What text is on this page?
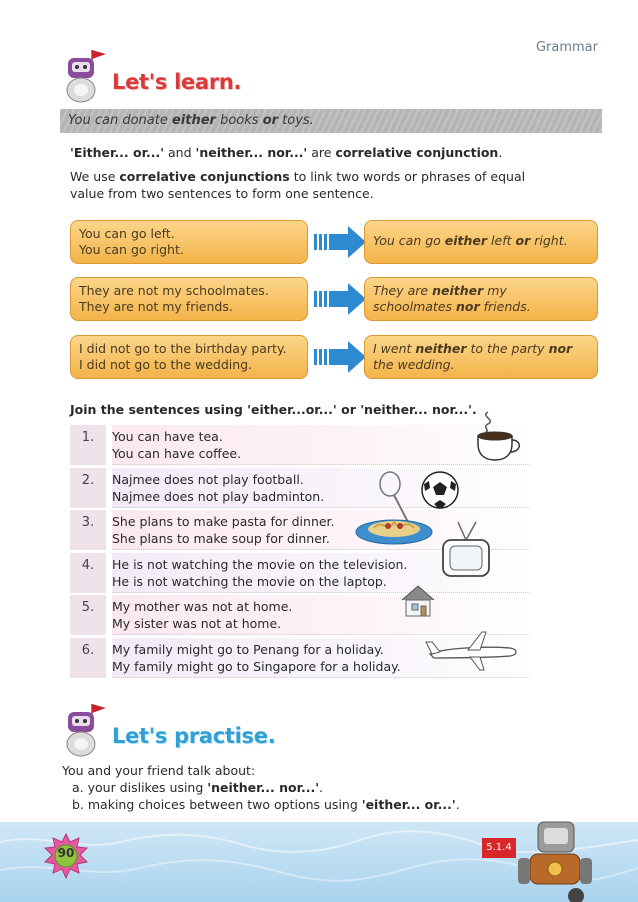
Grammar
Let's learn.
You can donate either books or toys.
'Either... or...' and 'neither... nor...' are correlative conjunction.
We use correlative conjunctions to link two words or phrases of equal
value from two sentences to form one sentence.
You can go left.
You can go right.
You can go either left or right.
They are not my schoolmates.
They are not my friends.
They are neither my schoolmates nor friends.
I did not go to the birthday party.
I did not go to the wedding.
I went neither to the party nor the wedding.
Join the sentences using 'either...or...' or 'neither... nor...'.
1.	You can have tea.
You can have coffee.
2.	Najmee does not play football.
Najmee does not play badminton.
3.	She plans to make pasta for dinner.
She plans to make soup for dinner.
4.	He is not watching the movie on the television.
He is not watching the movie on the laptop.
5.	My mother was not at home.
My sister was not at home.
6.	My family might go to Penang for a holiday.
My family might go to Singapore for a holiday.
Let's practise.
You and your friend talk about:
a. your dislikes using 'neither... nor...'.
b. making choices between two options using 'either... or...'.
90	5.1.4
